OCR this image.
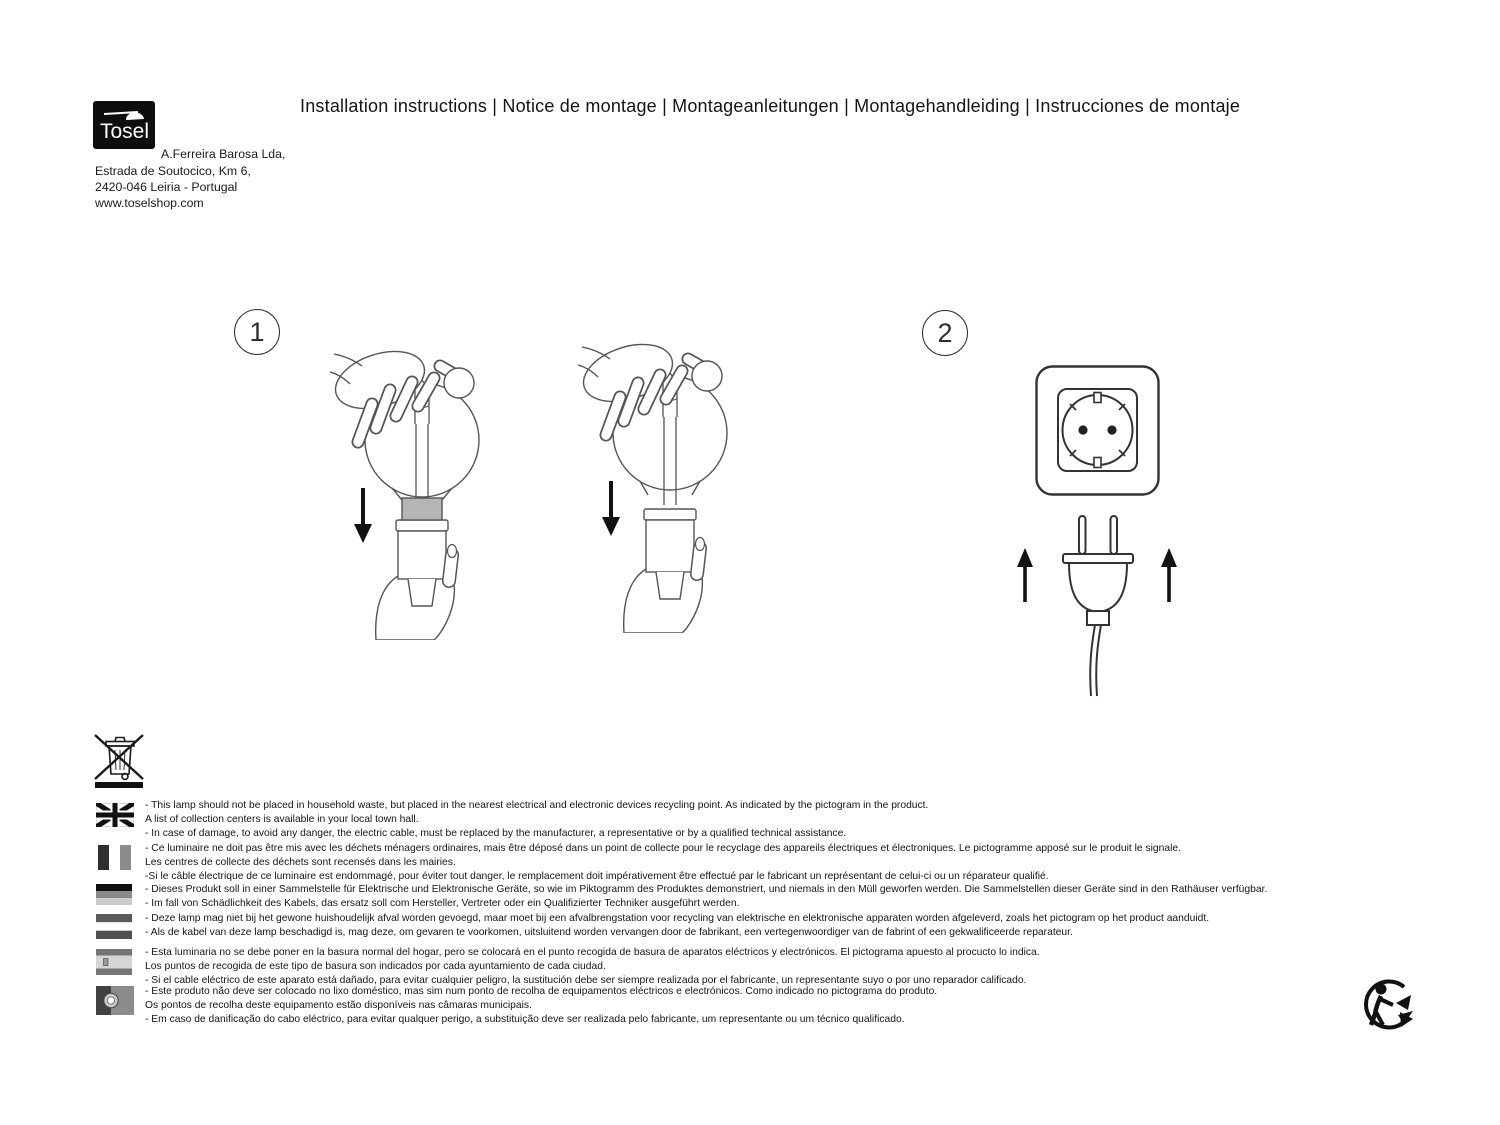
Installation instructions | Notice de montage | Montageanleitungen | Montagehandleiding | Instrucciones de montaje
Tosel
A.Ferreira Barosa Lda,
Estrada de Soutocico, Km 6,
2420-046 Leiria - Portugal
www.toselshop.com
1	2
- This lamp should not be placed in household waste, but placed in the nearest electrical and electronic devices recycling point. As indicated by the pictogram in the product.
A list of collection centers is available in your local town hall.
- In case of damage, to avoid any danger, the electric cable, must be replaced by the manufacturer, a representative or by a qualified technical assistance.
- Ce luminaire ne doit pas être mis avec les déchets ménagers ordinaires, mais être déposé dans un point de collecte pour le recyclage des appareils électriques et électroniques. Le pictogramme apposé sur le produit le signale.
Les centres de collecte des déchets sont recensés dans les mairies.
-Si le câble électrique de ce luminaire est endommagé, pour éviter tout danger, le remplacement doit impérativement être effectué par le fabricant un représentant de celui-ci ou un réparateur qualifié.
- Dieses Produkt soll in einer Sammelstelle für Elektrische und Elektronische Geräte, so wie im Piktogramm des Produktes demonstriert, und niemals in den Müll geworfen werden. Die Sammelstellen dieser Geräte sind in den Rathäuser verfügbar.
- Im fall von Schädlichkeit des Kabels, das ersatz soll com Hersteller, Vertreter oder ein Qualifizierter Techniker ausgeführt werden.
- Deze lamp mag niet bij het gewone huishoudelijk afval worden gevoegd, maar moet bij een afvalbrengstation voor recycling van elektrische en elektronische apparaten worden afgeleverd, zoals het pictogram op het product aanduidt.
- Als de kabel van deze lamp beschadigd is, mag deze, om gevaren te voorkomen, uitsluitend worden vervangen door de fabrikant, een vertegenwoordiger van de fabrint of een gekwalificeerde reparateur.
- Esta luminaria no se debe poner en la basura normal del hogar, pero se colocará en el punto recogida de basura de aparatos eléctricos y electrónicos. El pictograma apuesto al procucto lo indica.
Los puntos de recogida de este tipo de basura son indicados por cada ayuntamiento de cada ciudad.
- Si el cable eléctrico de este aparato está dañado, para evitar cualquier peligro, la sustitución debe ser siempre realizada por el fabricante, un representante suyo o por uno reparador calificado.
- Este produto não deve ser colocado no lixo doméstico, mas sim num ponto de recolha de equipamentos eléctricos e electrónicos. Como indicado no pictograma do produto.
Os pontos de recolha deste equipamento estão disponíveis nas câmaras municipais.
- Em caso de danificação do cabo eléctrico, para evitar qualquer perigo, a substituição deve ser realizada pelo fabricante, um representante ou um técnico qualificado.
